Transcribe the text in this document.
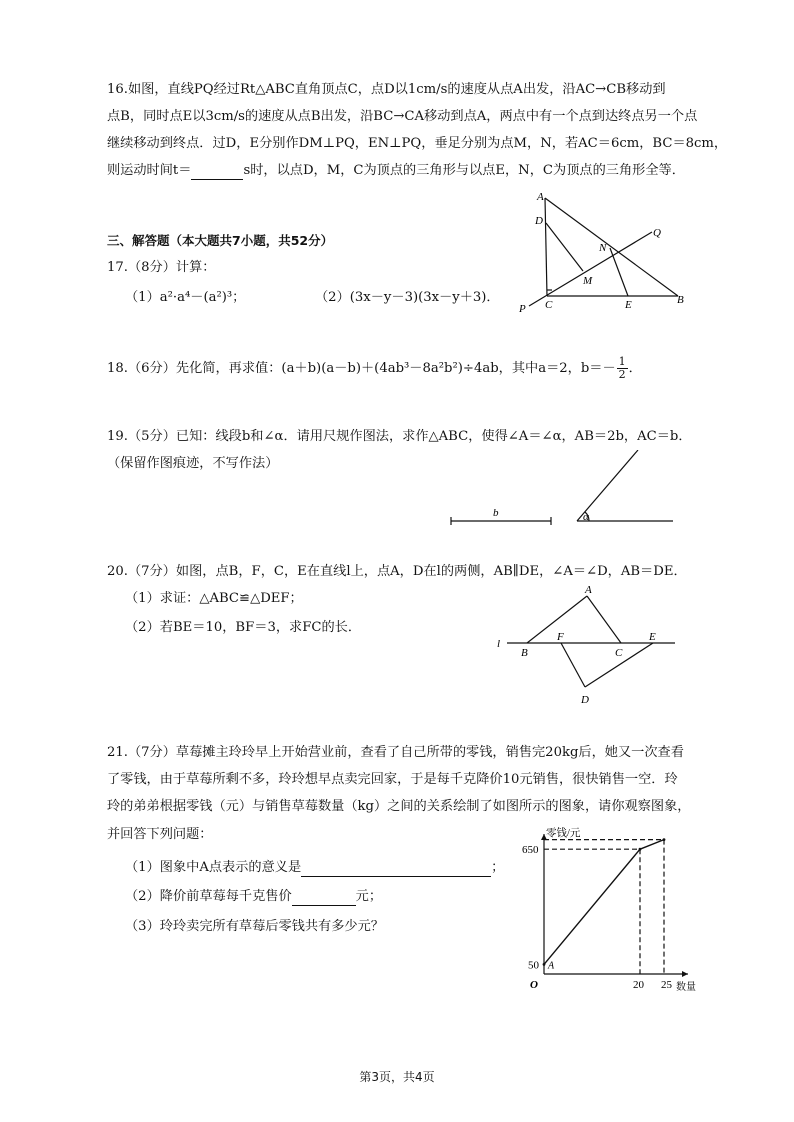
16.如图，直线PQ经过Rt△ABC直角顶点C，点D以1cm/s的速度从点A出发，沿AC→CB移动到
点B，同时点E以3cm/s的速度从点B出发，沿BC→CA移动到点A，两点中有一个点到达终点另一个点
继续移动到终点．过D，E分别作DM⊥PQ，EN⊥PQ，垂足分别为点M，N，若AC＝6cm，BC＝8cm，
则运动时间t＝	s时，以点D，M，C为顶点的三角形与以点E，N，C为顶点的三角形全等．
A
D
N
Q
M
P C	E	B
三、解答题（本大题共7小题，共52分）
17.（8分）计算：
（1）a²·a⁴－(a²)³；	（2）(3x－y－3)(3x－y＋3)．
18.（6分）先化简，再求值：(a＋b)(a－b)＋(4ab³－8a²b²)÷4ab，其中a＝2，$b=- \frac{1}{2}$ ．
19.（5分）已知：线段b和∠α．请用尺规作图法，求作△ABC，使得∠A＝∠α，AB＝2b，AC＝b．
（保留作图痕迹，不写作法）
b	α
20.（7分）如图，点B，F，C，E在直线l上，点A，D在l的两侧，AB∥DE，∠A＝∠D，AB＝DE．
（1）求证：△ABC≌△DEF；
（2）若BE＝10，BF＝3，求FC的长．
A
l
B
F
C
E
D
21.（7分）草莓摊主玲玲早上开始营业前，查看了自己所带的零钱，销售完20kg后，她又一次查看
了零钱，由于草莓所剩不多，玲玲想早点卖完回家，于是每千克降价10元销售，很快销售一空．玲
玲的弟弟根据零钱（元）与销售草莓数量（kg）之间的关系绘制了如图所示的图象，请你观察图象，
并回答下列问题：
（1）图象中A点表示的意义是	；
（2）降价前草莓每千克售价	元；
（3）玲玲卖完所有草莓后零钱共有多少元？
650
50
20 25
A
O
零钱/元
数量
第3页，共4页
